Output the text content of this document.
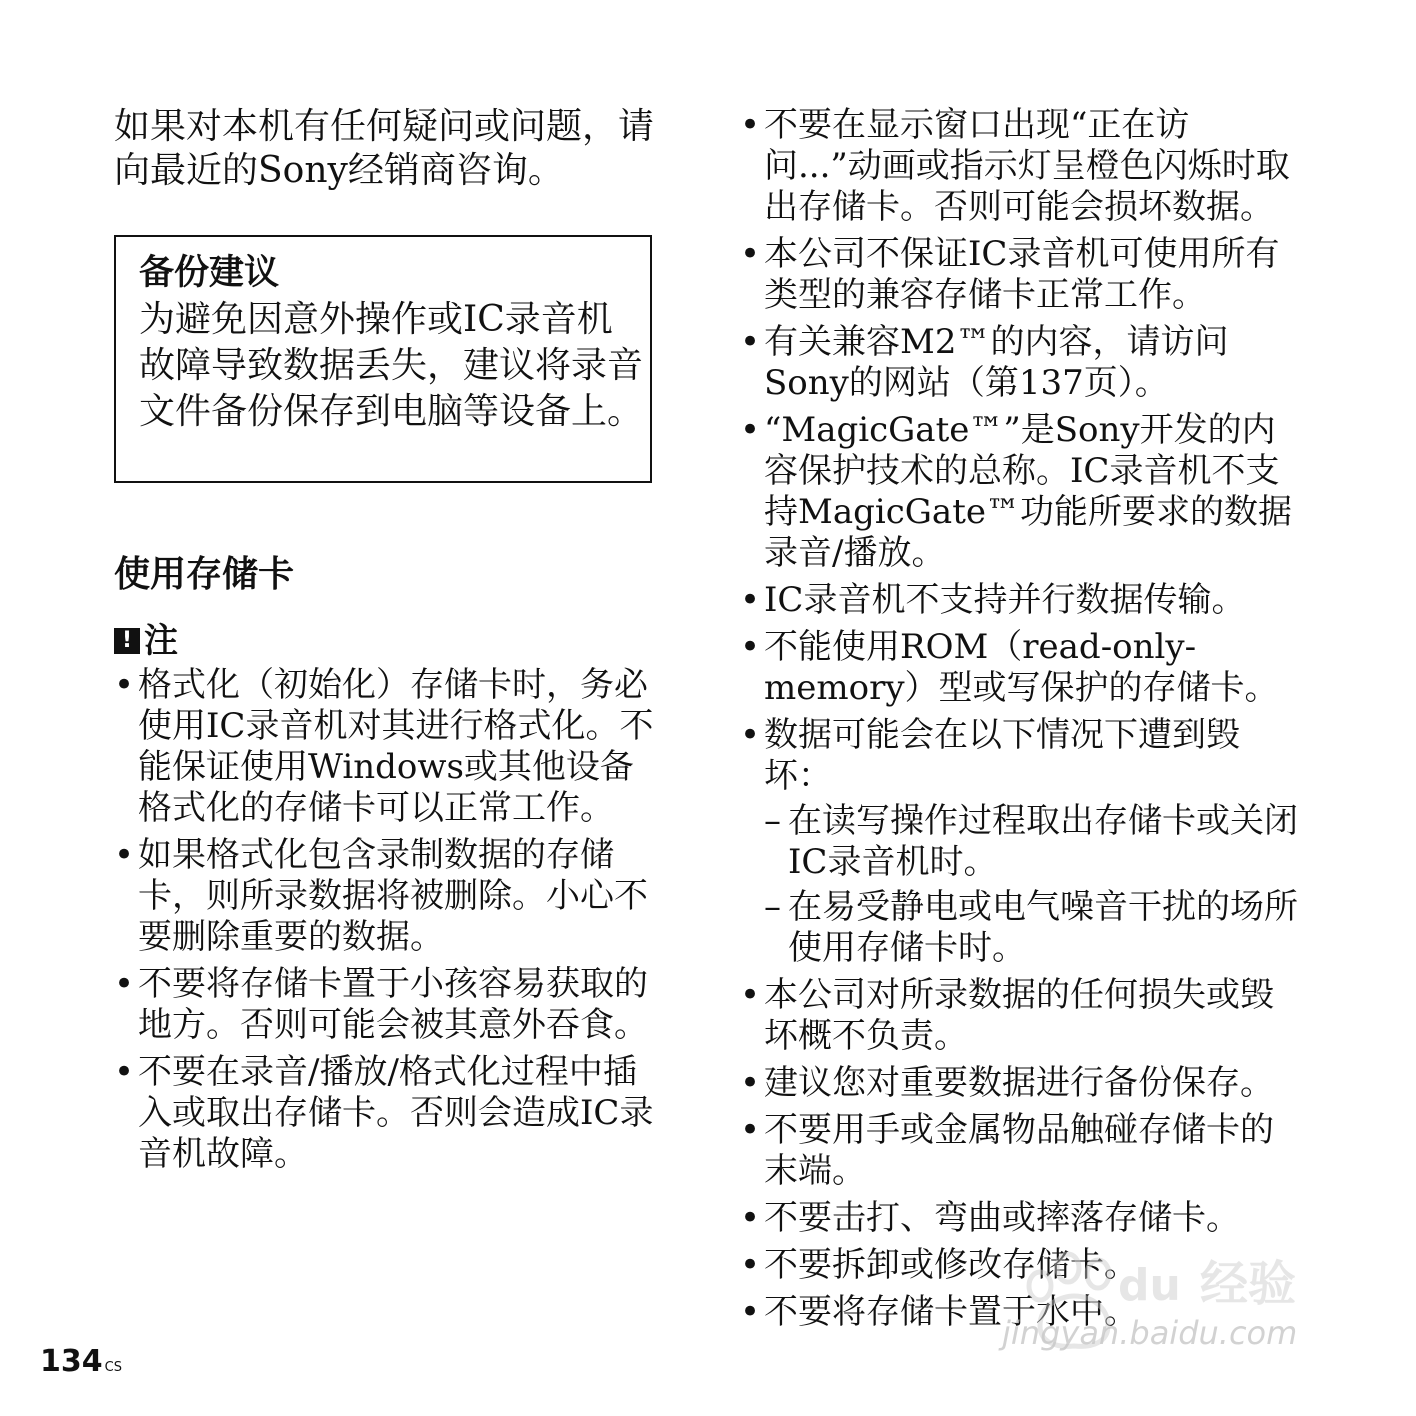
如果对本机有任何疑问或问题，请向最近的Sony经销商咨询。

备份建议

为避免因意外操作或IC录音机故障导致数据丢失，建议将录音文件备份保存到电脑等设备上。

使用存储卡
! 注
• 格式化（初始化）存储卡时，务必使用IC录音机对其进行格式化。不能保证使用Windows或其他设备格式化的存储卡可以正常工作。
• 如果格式化包含录制数据的存储卡，则所录数据将被删除。小心不要删除重要的数据。
• 不要将存储卡置于小孩容易获取的地方。否则可能会被其意外吞食。
• 不要在录音/播放/格式化过程中插入或取出存储卡。否则会造成IC录音机故障。
• 不要在显示窗口出现“正在访问...”动画或指示灯呈橙色闪烁时取出存储卡。否则可能会损坏数据。
• 本公司不保证IC录音机可使用所有类型的兼容存储卡正常工作。
• 有关兼容M2™的内容，请访问Sony的网站（第137页）。
• “MagicGate™”是Sony开发的内容保护技术的总称。IC录音机不支持MagicGate™功能所要求的数据录音/播放。
• IC录音机不支持并行数据传输。
• 不能使用ROM（read-only-memory）型或写保护的存储卡。
• 数据可能会在以下情况下遭到毁坏：
– 在读写操作过程取出存储卡或关闭IC录音机时。
– 在易受静电或电气噪音干扰的场所使用存储卡时。
• 本公司对所录数据的任何损失或毁坏概不负责。
• 建议您对重要数据进行备份保存。
• 不要用手或金属物品触碰存储卡的末端。
• 不要击打、弯曲或摔落存储卡。
• 不要拆卸或修改存储卡。
• 不要将存储卡置于水中。
134 $^{CS}$
du 经验
jingyan.baidu.com
